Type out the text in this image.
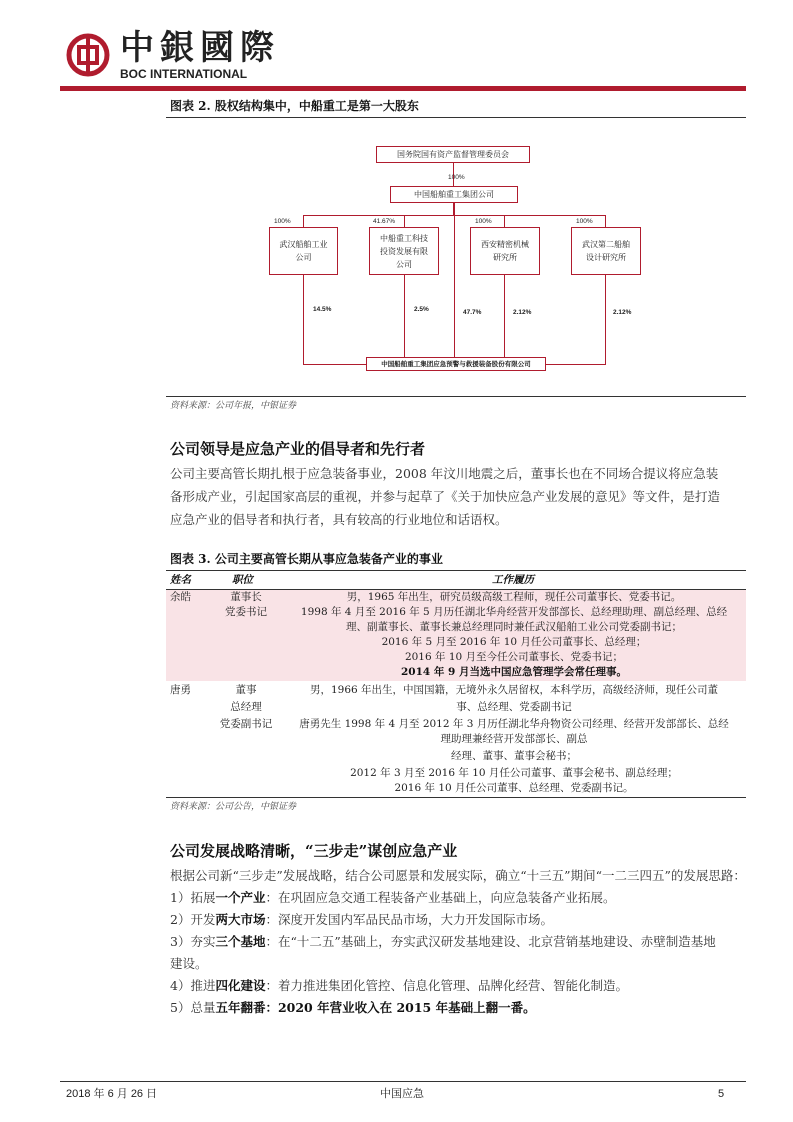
中銀國際
BOC INTERNATIONAL
图表 2. 股权结构集中，中船重工是第一大股东
国务院国有资产监督管理委员会
100%
中国船舶重工集团公司
100%	41.67%	100%	100%
武汉船舶工业公司
中船重工科技
投资发展有限
公司
西安精密机械
研究所
武汉第二船舶
设计研究所
14.5%	2.5%	47.7%	2.12%	2.12%
中国船舶重工集团应急预警与救援装备股份有限公司
资料来源：公司年报，中银证券
公司领导是应急产业的倡导者和先行者
公司主要高管长期扎根于应急装备事业，2008 年汶川地震之后，董事长也在不同场合提议将应急装
备形成产业，引起国家高层的重视，并参与起草了《关于加快应急产业发展的意见》等文件，是打造
应急产业的倡导者和执行者，具有较高的行业地位和话语权。
图表 3. 公司主要高管长期从事应急装备产业的事业
姓名	职位	工作履历
余皓	董事长
党委书记
男，1965 年出生，研究员级高级工程师，现任公司董事长、党委书记。
1998 年 4 月至 2016 年 5 月历任湖北华舟经营开发部部长、总经理助理、副总经理、总经
理、副董事长、董事长兼总经理同时兼任武汉船舶工业公司党委副书记；
2016 年 5 月至 2016 年 10 月任公司董事长、总经理；
2016 年 10 月至今任公司董事长、党委书记；
2014 年 9 月当选中国应急管理学会常任理事。
唐勇	董事
总经理
党委副书记
男，1966 年出生，中国国籍，无境外永久居留权，本科学历，高级经济师，现任公司董
事、总经理、党委副书记
唐勇先生 1998 年 4 月至 2012 年 3 月历任湖北华舟物资公司经理、经营开发部部长、总经
理助理兼经营开发部部长、副总
经理、董事、董事会秘书；
2012 年 3 月至 2016 年 10 月任公司董事、董事会秘书、副总经理；
2016 年 10 月任公司董事、总经理、党委副书记。
资料来源：公司公告，中银证券
公司发展战略清晰，“三步走”谋创应急产业
根据公司新“三步走”发展战略，结合公司愿景和发展实际，确立“十三五”期间“一二三四五”的发展思路：
1）拓展一个产业：在巩固应急交通工程装备产业基础上，向应急装备产业拓展。
2）开发两大市场：深度开发国内军品民品市场，大力开发国际市场。
3）夯实三个基地：在“十二五”基础上，夯实武汉研发基地建设、北京营销基地建设、赤壁制造基地
建设。
4）推进四化建设：着力推进集团化管控、信息化管理、品牌化经营、智能化制造。
5）总量五年翻番：2020 年营业收入在 2015 年基础上翻一番。
2018 年 6 月 26 日	中国应急	5
